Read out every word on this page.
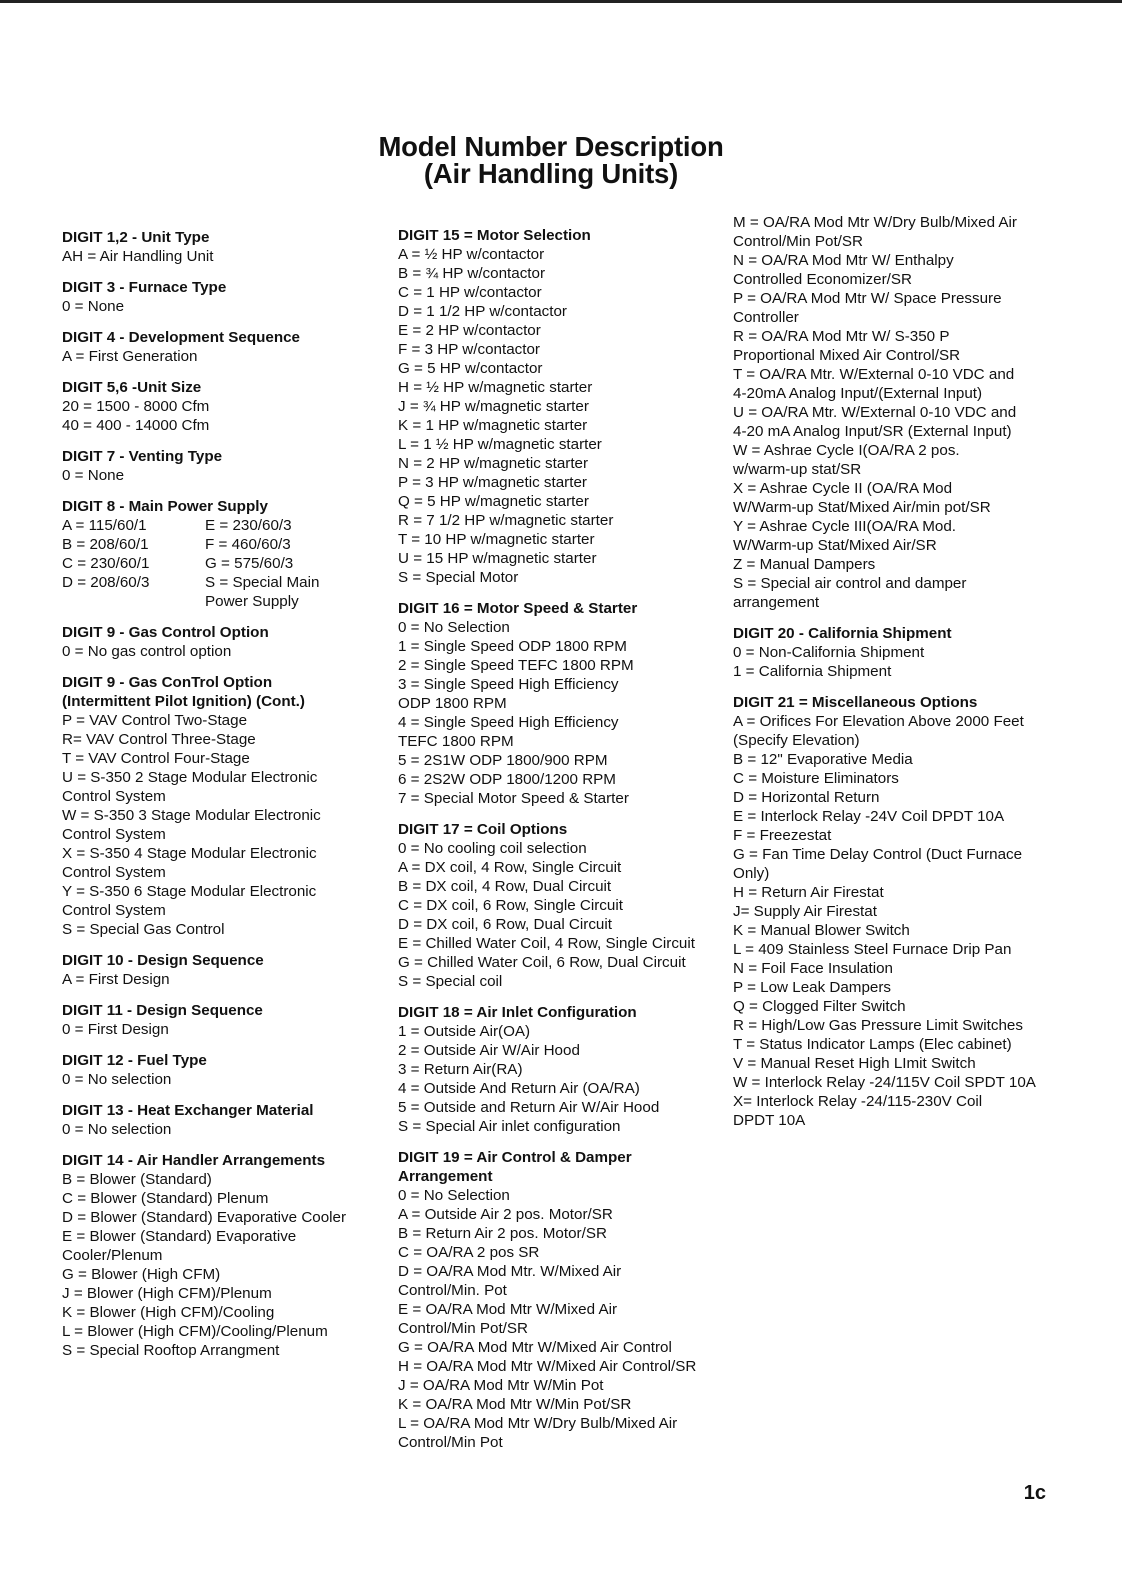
Model Number Description
(Air Handling Units)
DIGIT 1,2 - Unit Type
AH = Air Handling Unit
DIGIT 3 - Furnace Type
0 = None
DIGIT 4 - Development Sequence
A = First Generation
DIGIT 5,6 -Unit Size
20 = 1500 - 8000 Cfm
40 = 400 - 14000 Cfm
DIGIT 7 - Venting Type
0 = None
DIGIT 8 - Main Power Supply
A = 115/60/1	E = 230/60/3
B = 208/60/1	F = 460/60/3
C = 230/60/1	G = 575/60/3
D = 208/60/3	S = Special Main
Power Supply
DIGIT 9 - Gas Control Option
0 = No gas control option
DIGIT 9 - Gas ConTrol Option
(Intermittent Pilot Ignition) (Cont.)
P = VAV Control Two-Stage
R= VAV Control Three-Stage
T = VAV Control Four-Stage
U = S-350 2 Stage Modular Electronic
Control System
W = S-350 3 Stage Modular Electronic
Control System
X = S-350 4 Stage Modular Electronic
Control System
Y = S-350 6 Stage Modular Electronic
Control System
S = Special Gas Control
DIGIT 10 - Design Sequence
A = First Design
DIGIT 11 - Design Sequence
0 = First Design
DIGIT 12 - Fuel Type
0 = No selection
DIGIT 13 - Heat Exchanger Material
0 = No selection
DIGIT 14 - Air Handler Arrangements
B = Blower (Standard)
C = Blower (Standard) Plenum
D = Blower (Standard) Evaporative Cooler
E = Blower (Standard) Evaporative
Cooler/Plenum
G = Blower (High CFM)
J = Blower (High CFM)/Plenum
K = Blower (High CFM)/Cooling
L = Blower (High CFM)/Cooling/Plenum
S = Special Rooftop Arrangment
DIGIT 15 = Motor Selection
A = ½ HP w/contactor
B = ¾ HP w/contactor
C = 1 HP w/contactor
D = 1 1/2 HP w/contactor
E = 2 HP w/contactor
F = 3 HP w/contactor
G = 5 HP w/contactor
H = ½ HP w/magnetic starter
J = ¾ HP w/magnetic starter
K = 1 HP w/magnetic starter
L = 1 ½ HP w/magnetic starter
N = 2 HP w/magnetic starter
P = 3 HP w/magnetic starter
Q = 5 HP w/magnetic starter
R = 7 1/2 HP w/magnetic starter
T = 10 HP w/magnetic starter
U = 15 HP w/magnetic starter
S = Special Motor
DIGIT 16 = Motor Speed & Starter
0 = No Selection
1 = Single Speed ODP 1800 RPM
2 = Single Speed TEFC 1800 RPM
3 = Single Speed High Efficiency
ODP 1800 RPM
4 = Single Speed High Efficiency
TEFC 1800 RPM
5 = 2S1W ODP 1800/900 RPM
6 = 2S2W ODP 1800/1200 RPM
7 = Special Motor Speed & Starter
DIGIT 17 = Coil Options
0 = No cooling coil selection
A = DX coil, 4 Row, Single Circuit
B = DX coil, 4 Row, Dual Circuit
C = DX coil, 6 Row, Single Circuit
D = DX coil, 6 Row, Dual Circuit
E = Chilled Water Coil, 4 Row, Single Circuit
G = Chilled Water Coil, 6 Row, Dual Circuit
S = Special coil
DIGIT 18 = Air Inlet Configuration
1 = Outside Air(OA)
2 = Outside Air W/Air Hood
3 = Return Air(RA)
4 = Outside And Return Air (OA/RA)
5 = Outside and Return Air W/Air Hood
S = Special Air inlet configuration
DIGIT 19 = Air Control & Damper
Arrangement
0 = No Selection
A = Outside Air 2 pos. Motor/SR
B = Return Air 2 pos. Motor/SR
C = OA/RA 2 pos SR
D = OA/RA Mod Mtr. W/Mixed Air
Control/Min. Pot
E = OA/RA Mod Mtr W/Mixed Air
Control/Min Pot/SR
G = OA/RA Mod Mtr W/Mixed Air Control
H = OA/RA Mod Mtr W/Mixed Air Control/SR
J = OA/RA Mod Mtr W/Min Pot
K = OA/RA Mod Mtr W/Min Pot/SR
L = OA/RA Mod Mtr W/Dry Bulb/Mixed Air
Control/Min Pot
M = OA/RA Mod Mtr W/Dry Bulb/Mixed Air
Control/Min Pot/SR
N = OA/RA Mod Mtr W/ Enthalpy
Controlled Economizer/SR
P = OA/RA Mod Mtr W/ Space Pressure
Controller
R = OA/RA Mod Mtr W/ S-350 P
Proportional Mixed Air Control/SR
T = OA/RA Mtr. W/External 0-10 VDC and
4-20mA Analog Input/(External Input)
U = OA/RA Mtr. W/External 0-10 VDC and
4-20 mA Analog Input/SR (External Input)
W = Ashrae Cycle I(OA/RA 2 pos.
w/warm-up stat/SR
X = Ashrae Cycle II (OA/RA Mod
W/Warm-up Stat/Mixed Air/min pot/SR
Y = Ashrae Cycle III(OA/RA Mod.
W/Warm-up Stat/Mixed Air/SR
Z = Manual Dampers
S = Special air control and damper
arrangement
DIGIT 20 - California Shipment
0 = Non-California Shipment
1 = California Shipment
DIGIT 21 = Miscellaneous Options
A = Orifices For Elevation Above 2000 Feet
(Specify Elevation)
B = 12" Evaporative Media
C = Moisture Eliminators
D = Horizontal Return
E = Interlock Relay -24V Coil DPDT 10A
F = Freezestat
G = Fan Time Delay Control (Duct Furnace
Only)
H = Return Air Firestat
J= Supply Air Firestat
K = Manual Blower Switch
L = 409 Stainless Steel Furnace Drip Pan
N = Foil Face Insulation
P = Low Leak Dampers
Q = Clogged Filter Switch
R = High/Low Gas Pressure Limit Switches
T = Status Indicator Lamps (Elec cabinet)
V = Manual Reset High LImit Switch
W = Interlock Relay -24/115V Coil SPDT 10A
X= Interlock Relay -24/115-230V Coil
DPDT 10A
1c
